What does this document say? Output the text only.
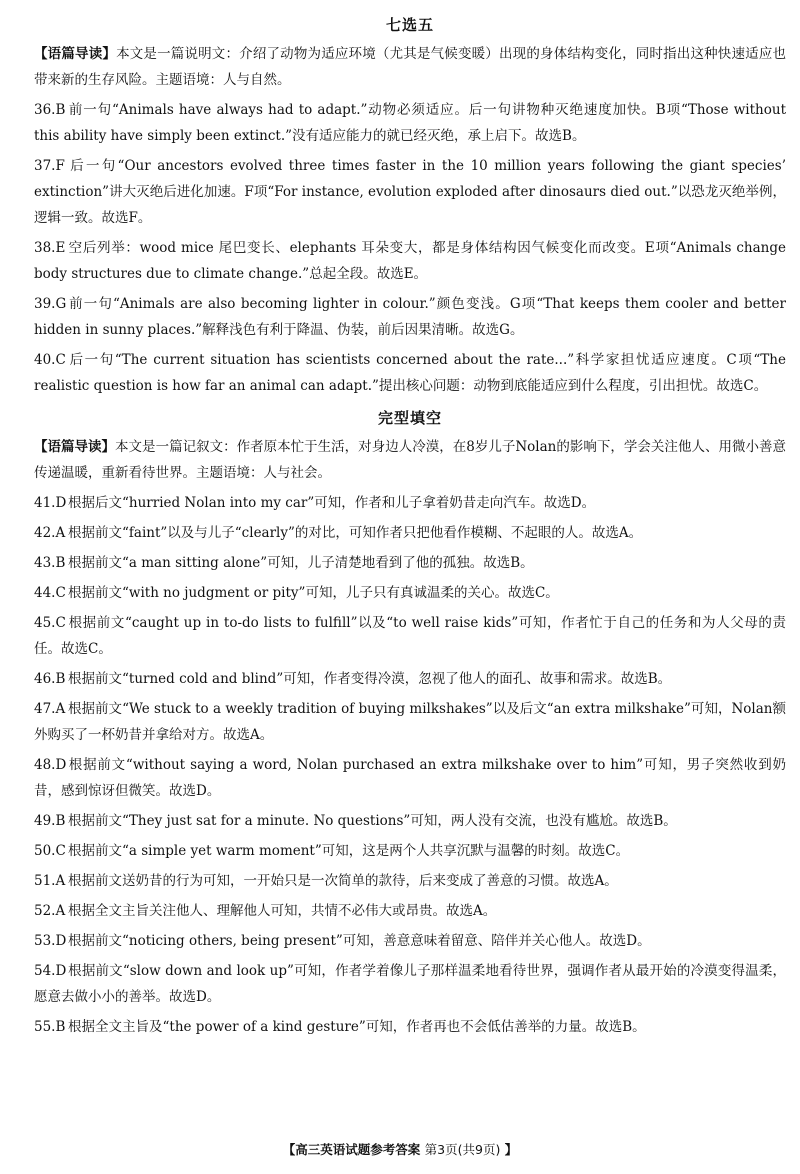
七选五

【语篇导读】本文是一篇说明文：介绍了动物为适应环境（尤其是气候变暖）出现的身体结构变化，同时指出这种快速适应也带来新的生存风险。主题语境：人与自然。

36.B 前一句“Animals have always had to adapt.”动物必须适应。后一句讲物种灭绝速度加快。B项“Those without this ability have simply been extinct.”没有适应能力的就已经灭绝，承上启下。故选B。

37.F 后一句“Our ancestors evolved three times faster in the 10 million years following the giant species’ extinction”讲大灭绝后进化加速。F项“For instance, evolution exploded after dinosaurs died out.”以恐龙灭绝举例，逻辑一致。故选F。

38.E 空后列举：wood mice 尾巴变长、elephants 耳朵变大，都是身体结构因气候变化而改变。E项“Animals change body structures due to climate change.”总起全段。故选E。

39.G 前一句“Animals are also becoming lighter in colour.”颜色变浅。G项“That keeps them cooler and better hidden in sunny places.”解释浅色有利于降温、伪装，前后因果清晰。故选G。

40.C 后一句“The current situation has scientists concerned about the rate...”科学家担忧适应速度。C项“The realistic question is how far an animal can adapt.”提出核心问题：动物到底能适应到什么程度，引出担忧。故选C。

完型填空

【语篇导读】本文是一篇记叙文：作者原本忙于生活，对身边人冷漠，在8岁儿子Nolan的影响下，学会关注他人、用微小善意传递温暖，重新看待世界。主题语境：人与社会。

41.D 根据后文“hurried Nolan into my car”可知，作者和儿子拿着奶昔走向汽车。故选D。

42.A 根据前文“faint”以及与儿子“clearly”的对比，可知作者只把他看作模糊、不起眼的人。故选A。

43.B 根据前文“a man sitting alone”可知，儿子清楚地看到了他的孤独。故选B。

44.C 根据前文“with no judgment or pity”可知，儿子只有真诚温柔的关心。故选C。

45.C 根据前文“caught up in to-do lists to fulfill”以及“to well raise kids”可知，作者忙于自己的任务和为人父母的责任。故选C。

46.B 根据前文“turned cold and blind”可知，作者变得冷漠，忽视了他人的面孔、故事和需求。故选B。

47.A 根据前文“We stuck to a weekly tradition of buying milkshakes”以及后文“an extra milkshake”可知，Nolan额外购买了一杯奶昔并拿给对方。故选A。

48.D 根据前文“without saying a word, Nolan purchased an extra milkshake over to him”可知，男子突然收到奶昔，感到惊讶但微笑。故选D。

49.B 根据前文“They just sat for a minute. No questions”可知，两人没有交流，也没有尴尬。故选B。

50.C 根据前文“a simple yet warm moment”可知，这是两个人共享沉默与温馨的时刻。故选C。

51.A 根据前文送奶昔的行为可知，一开始只是一次简单的款待，后来变成了善意的习惯。故选A。

52.A 根据全文主旨关注他人、理解他人可知，共情不必伟大或昂贵。故选A。

53.D 根据前文“noticing others, being present”可知，善意意味着留意、陪伴并关心他人。故选D。

54.D 根据前文“slow down and look up”可知，作者学着像儿子那样温柔地看待世界，强调作者从最开始的冷漠变得温柔，愿意去做小小的善举。故选D。

55.B 根据全文主旨及“the power of a kind gesture”可知，作者再也不会低估善举的力量。故选B。

【高三英语试题参考答案 第3页(共9页) 】
